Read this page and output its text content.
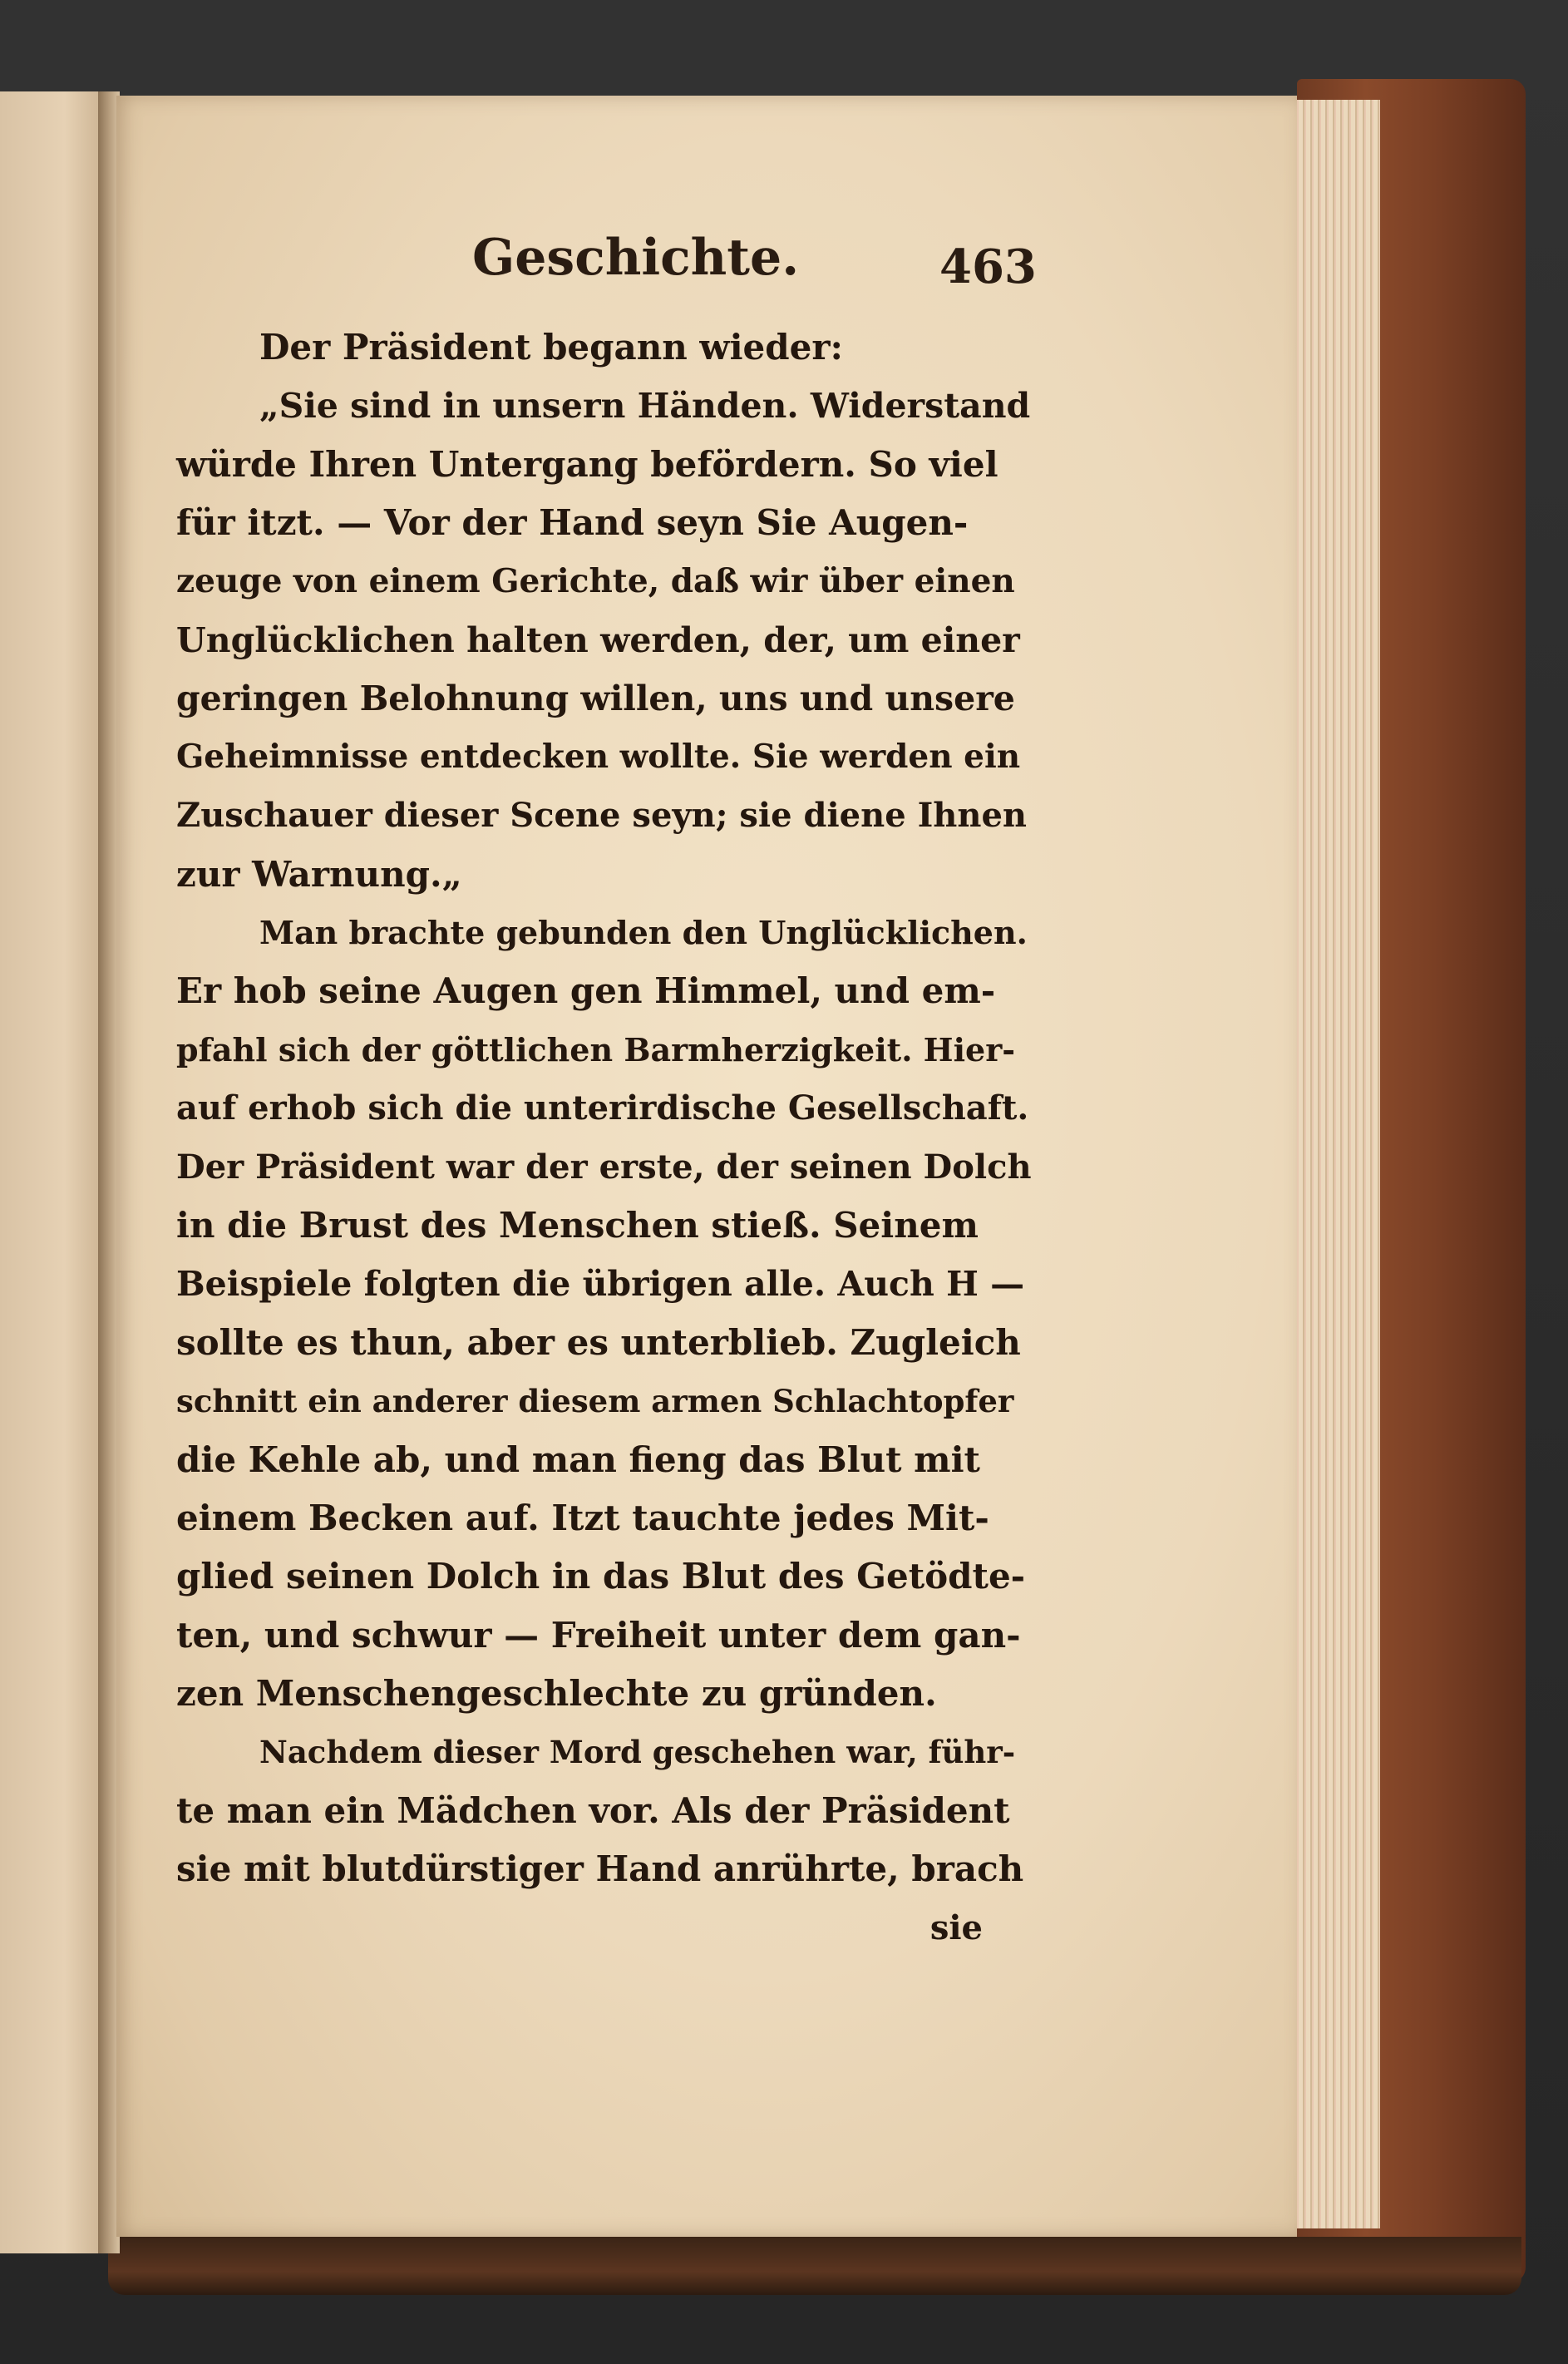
Geschichte.	463
Der Präsident begann wieder:
„Sie sind in unsern Händen. Widerstand
würde Ihren Untergang befördern. So viel
für itzt. — Vor der Hand seyn Sie Augen-
zeuge von einem Gerichte, daß wir über einen
Unglücklichen halten werden, der, um einer
geringen Belohnung willen, uns und unsere
Geheimnisse entdecken wollte. Sie werden ein
Zuschauer dieser Scene seyn; sie diene Ihnen
zur Warnung.„
Man brachte gebunden den Unglücklichen.
Er hob seine Augen gen Himmel, und em-
pfahl sich der göttlichen Barmherzigkeit. Hier-
auf erhob sich die unterirdische Gesellschaft.
Der Präsident war der erste, der seinen Dolch
in die Brust des Menschen stieß. Seinem
Beispiele folgten die übrigen alle. Auch H —
sollte es thun, aber es unterblieb. Zugleich
schnitt ein anderer diesem armen Schlachtopfer
die Kehle ab, und man fieng das Blut mit
einem Becken auf. Itzt tauchte jedes Mit-
glied seinen Dolch in das Blut des Getödte-
ten, und schwur — Freiheit unter dem gan-
zen Menschengeschlechte zu gründen.
Nachdem dieser Mord geschehen war, führ-
te man ein Mädchen vor. Als der Präsident
sie mit blutdürstiger Hand anrührte, brach
sie
